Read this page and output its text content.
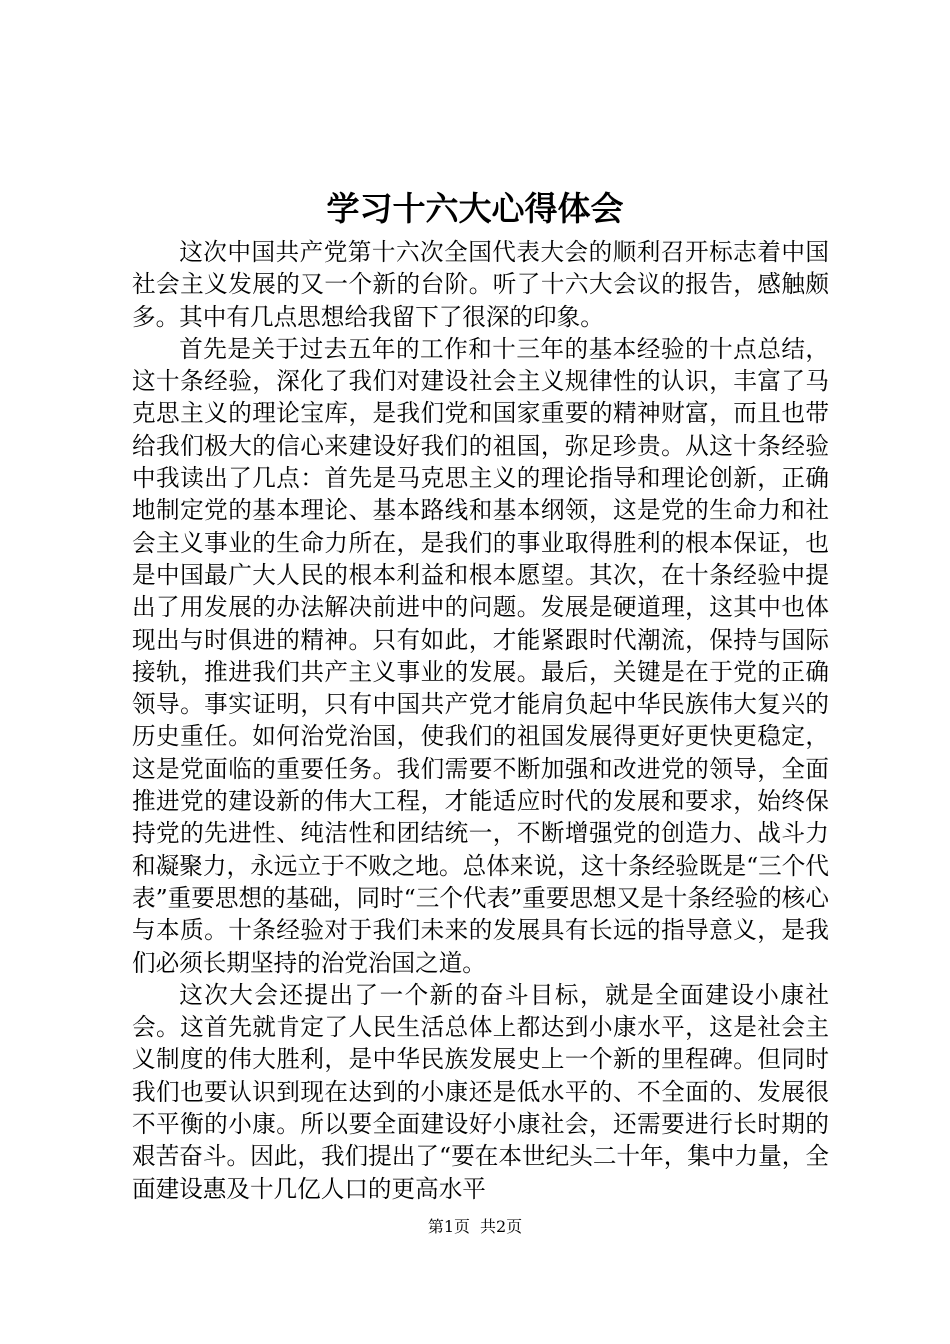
学习十六大心得体会

这次中国共产党第十六次全国代表大会的顺利召开标志着中国社会主义发展的又一个新的台阶。听了十六大会议的报告，感触颇多。其中有几点思想给我留下了很深的印象。

首先是关于过去五年的工作和十三年的基本经验的十点总结，这十条经验，深化了我们对建设社会主义规律性的认识，丰富了马克思主义的理论宝库，是我们党和国家重要的精神财富，而且也带给我们极大的信心来建设好我们的祖国，弥足珍贵。从这十条经验中我读出了几点：首先是马克思主义的理论指导和理论创新，正确地制定党的基本理论、基本路线和基本纲领，这是党的生命力和社会主义事业的生命力所在，是我们的事业取得胜利的根本保证，也是中国最广大人民的根本利益和根本愿望。其次，在十条经验中提出了用发展的办法解决前进中的问题。发展是硬道理，这其中也体现出与时俱进的精神。只有如此，才能紧跟时代潮流，保持与国际接轨，推进我们共产主义事业的发展。最后，关键是在于党的正确领导。事实证明，只有中国共产党才能肩负起中华民族伟大复兴的历史重任。如何治党治国，使我们的祖国发展得更好更快更稳定，这是党面临的重要任务。我们需要不断加强和改进党的领导，全面推进党的建设新的伟大工程，才能适应时代的发展和要求，始终保持党的先进性、纯洁性和团结统一，不断增强党的创造力、战斗力和凝聚力，永远立于不败之地。总体来说，这十条经验既是“三个代表”重要思想的基础，同时“三个代表”重要思想又是十条经验的核心与本质。十条经验对于我们未来的发展具有长远的指导意义，是我们必须长期坚持的治党治国之道。

这次大会还提出了一个新的奋斗目标，就是全面建设小康社会。这首先就肯定了人民生活总体上都达到小康水平，这是社会主义制度的伟大胜利，是中华民族发展史上一个新的里程碑。但同时我们也要认识到现在达到的小康还是低水平的、不全面的、发展很不平衡的小康。所以要全面建设好小康社会，还需要进行长时期的艰苦奋斗。因此，我们提出了“要在本世纪头二十年，集中力量，全面建设惠及十几亿人口的更高水平

第1页 共2页
